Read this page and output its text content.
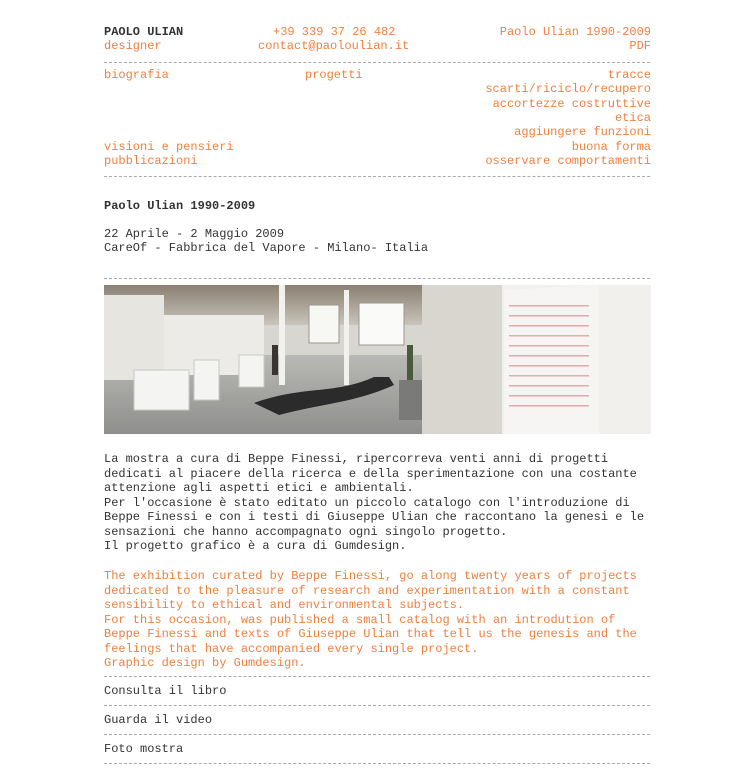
PAOLO ULIAN
designer
+39 339 37 26 482
contact@paoloulian.it
Paolo Ulian 1990-2009
PDF
biografia	progetti
visioni e pensieri
pubblicazioni
tracce
scarti/riciclo/recupero
accortezze costruttive
etica
aggiungere funzioni
buona forma
osservare comportamenti
Paolo Ulian 1990-2009
22 Aprile - 2 Maggio 2009
CareOf - Fabbrica del Vapore - Milano- Italia
La mostra a cura di Beppe Finessi, ripercorreva venti anni di progetti
dedicati al piacere della ricerca e della sperimentazione con una costante
attenzione agli aspetti etici e ambientali.
Per l'occasione è stato editato un piccolo catalogo con l'introduzione di
Beppe Finessi e con i testi di Giuseppe Ulian che raccontano la genesi e le
sensazioni che hanno accompagnato ogni singolo progetto.
Il progetto grafico è a cura di Gumdesign.
The exhibition curated by Beppe Finessi, go along twenty years of projects
dedicated to the pleasure of research and experimentation with a constant
sensibility to ethical and environmental subjects.
For this occasion, was published a small catalog with an introdution of
Beppe Finessi and texts of Giuseppe Ulian that tell us the genesis and the
feelings that have accompanied every single project.
Graphic design by Gumdesign.
Consulta il libro
Guarda il video
Foto mostra
